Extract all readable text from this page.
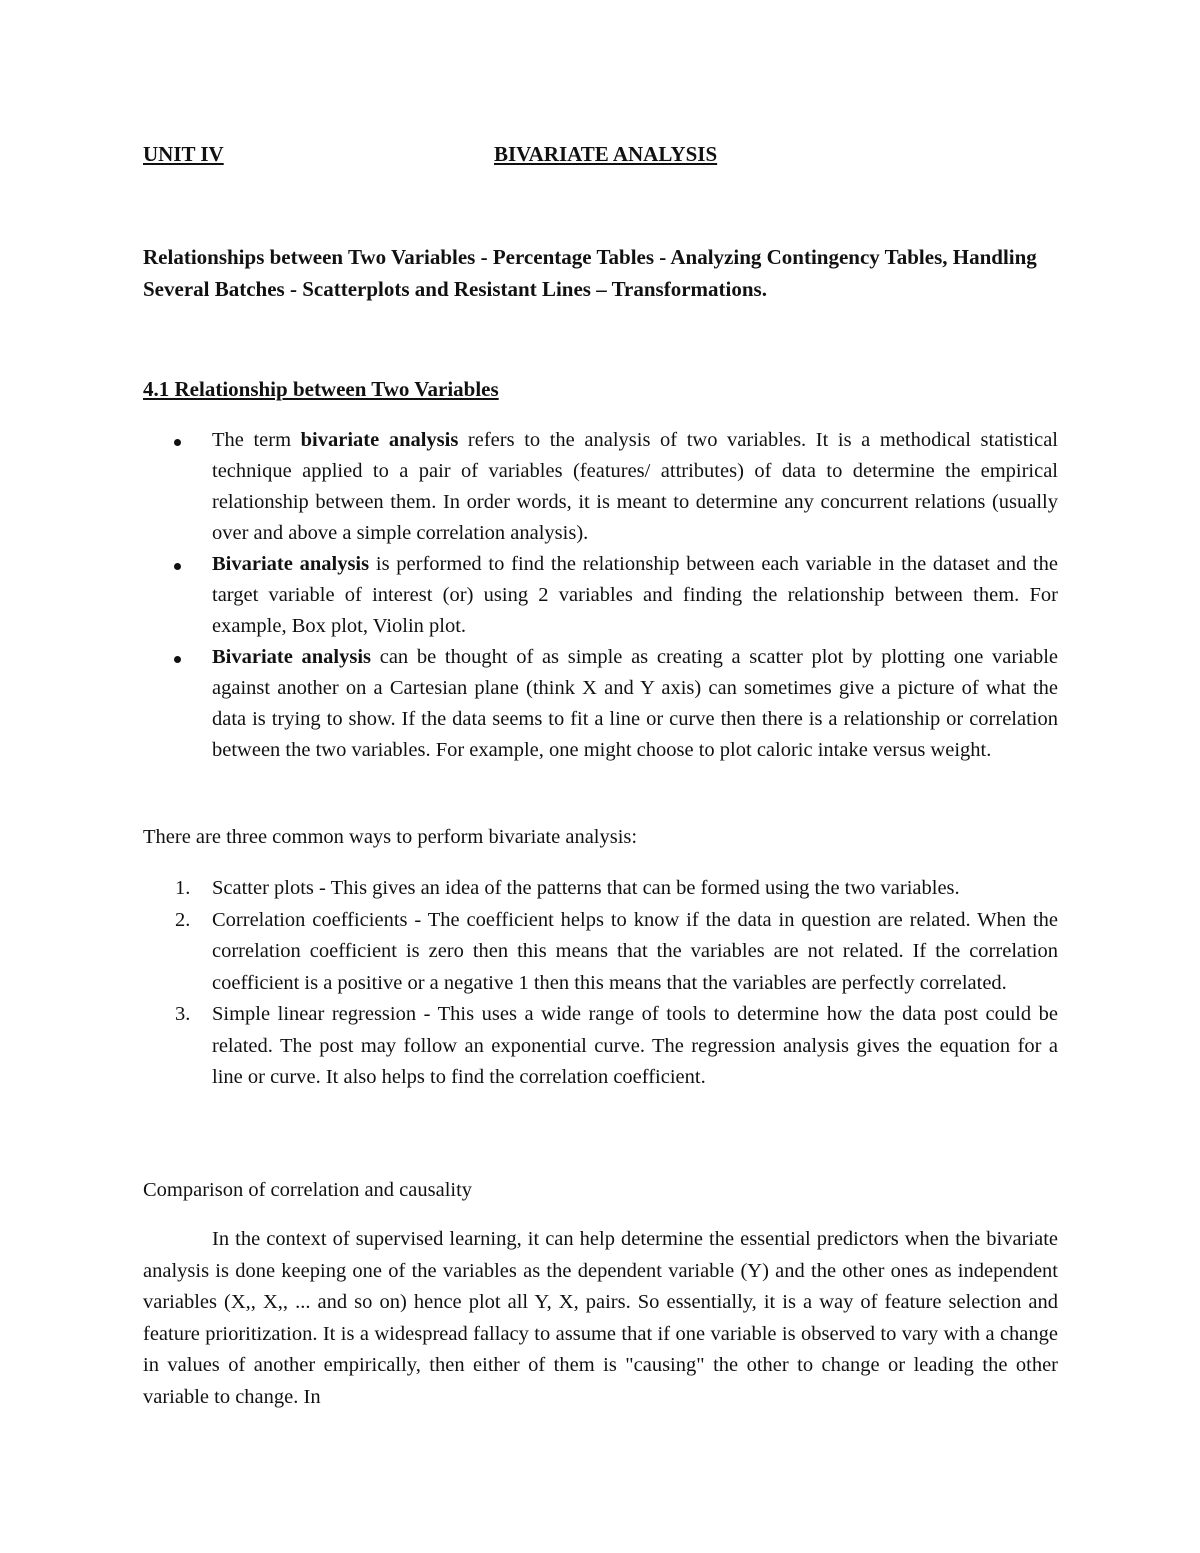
UNIT IV	BIVARIATE ANALYSIS
Relationships between Two Variables - Percentage Tables - Analyzing Contingency Tables, Handling Several Batches - Scatterplots and Resistant Lines – Transformations.
4.1 Relationship between Two Variables
The term bivariate analysis refers to the analysis of two variables. It is a methodical statistical technique applied to a pair of variables (features/ attributes) of data to determine the empirical relationship between them. In order words, it is meant to determine any concurrent relations (usually over and above a simple correlation analysis).
Bivariate analysis is performed to find the relationship between each variable in the dataset and the target variable of interest (or) using 2 variables and finding the relationship between them. For example, Box plot, Violin plot.
Bivariate analysis can be thought of as simple as creating a scatter plot by plotting one variable against another on a Cartesian plane (think X and Y axis) can sometimes give a picture of what the data is trying to show. If the data seems to fit a line or curve then there is a relationship or correlation between the two variables. For example, one might choose to plot caloric intake versus weight.
There are three common ways to perform bivariate analysis:
1. Scatter plots - This gives an idea of the patterns that can be formed using the two variables.
2. Correlation coefficients - The coefficient helps to know if the data in question are related. When the correlation coefficient is zero then this means that the variables are not related. If the correlation coefficient is a positive or a negative 1 then this means that the variables are perfectly correlated.
3. Simple linear regression - This uses a wide range of tools to determine how the data post could be related. The post may follow an exponential curve. The regression analysis gives the equation for a line or curve. It also helps to find the correlation coefficient.
Comparison of correlation and causality

In the context of supervised learning, it can help determine the essential predictors when the bivariate analysis is done keeping one of the variables as the dependent variable (Y) and the other ones as independent variables (X,, X,, ... and so on) hence plot all Y, X, pairs. So essentially, it is a way of feature selection and feature prioritization. It is a widespread fallacy to assume that if one variable is observed to vary with a change in values of another empirically, then either of them is "causing" the other to change or leading the other variable to change. In
